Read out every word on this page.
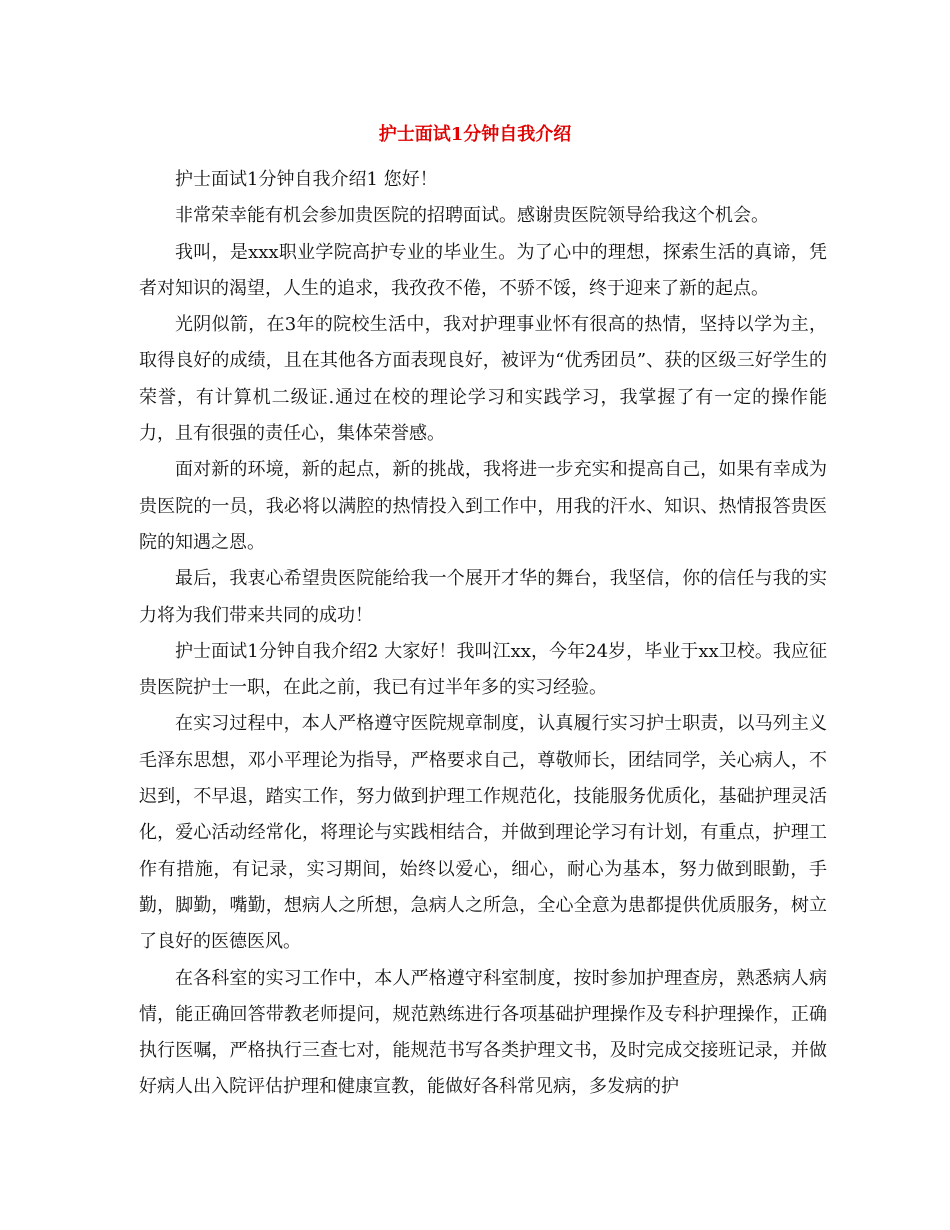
护士面试1分钟自我介绍

护士面试1分钟自我介绍1 您好！

非常荣幸能有机会参加贵医院的招聘面试。感谢贵医院领导给我这个机会。

我叫，是xxx职业学院高护专业的毕业生。为了心中的理想，探索生活的真谛，凭者对知识的渴望，人生的追求，我孜孜不倦，不骄不馁，终于迎来了新的起点。

光阴似箭，在3年的院校生活中，我对护理事业怀有很高的热情，坚持以学为主，取得良好的成绩，且在其他各方面表现良好，被评为“优秀团员”、获的区级三好学生的荣誉，有计算机二级证.通过在校的理论学习和实践学习，我掌握了有一定的操作能力，且有很强的责任心，集体荣誉感。

面对新的环境，新的起点，新的挑战，我将进一步充实和提高自己，如果有幸成为贵医院的一员，我必将以满腔的热情投入到工作中，用我的汗水、知识、热情报答贵医院的知遇之恩。

最后，我衷心希望贵医院能给我一个展开才华的舞台，我坚信，你的信任与我的实力将为我们带来共同的成功！

护士面试1分钟自我介绍2 大家好！我叫江xx，今年24岁，毕业于xx卫校。我应征贵医院护士一职，在此之前，我已有过半年多的实习经验。

在实习过程中，本人严格遵守医院规章制度，认真履行实习护士职责，以马列主义毛泽东思想，邓小平理论为指导，严格要求自己，尊敬师长，团结同学，关心病人，不迟到，不早退，踏实工作，努力做到护理工作规范化，技能服务优质化，基础护理灵活化，爱心活动经常化，将理论与实践相结合，并做到理论学习有计划，有重点，护理工作有措施，有记录，实习期间，始终以爱心，细心，耐心为基本，努力做到眼勤，手勤，脚勤，嘴勤，想病人之所想，急病人之所急，全心全意为患都提供优质服务，树立了良好的医德医风。

在各科室的实习工作中，本人严格遵守科室制度，按时参加护理查房，熟悉病人病情，能正确回答带教老师提问，规范熟练进行各项基础护理操作及专科护理操作，正确执行医嘱，严格执行三查七对，能规范书写各类护理文书，及时完成交接班记录，并做好病人出入院评估护理和健康宣教，能做好各科常见病，多发病的护
